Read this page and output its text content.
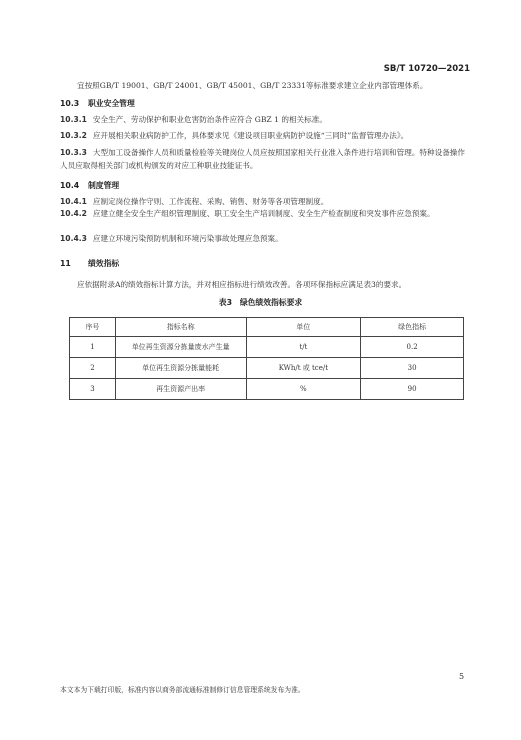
SB/T 10720—2021
宜按照GB/T 19001、GB/T 24001、GB/T 45001、GB/T 23331等标准要求建立企业内部管理体系。
10.3 职业安全管理
10.3.1 安全生产、劳动保护和职业危害防治条件应符合 GBZ 1 的相关标准。
10.3.2 应开展相关职业病防护工作，具体要求见《建设项目职业病防护设施“三同时”监督管理办法》。
10.3.3 大型加工设备操作人员和质量检验等关键岗位人员应按照国家相关行业准入条件进行培训和管理。特种设备操作人员应取得相关部门或机构颁发的对应工种职业技能证书。
10.4 制度管理
10.4.1 应制定岗位操作守则、工作流程、采购、销售、财务等各项管理制度。
10.4.2 应建立健全安全生产组织管理制度、职工安全生产培训制度、安全生产检查制度和突发事件应急预案。
10.4.3 应建立环境污染预防机制和环境污染事故处理应急预案。
11 绩效指标
应依据附录A的绩效指标计算方法，并对相应指标进行绩效改善。各项环保指标应满足表3的要求。
表3　绿色绩效指标要求
序号	指标名称	单位	绿色指标
1	单位再生资源分拣量废水产生量	t/t	0.2
2	单位再生资源分拣量能耗	KWh/t 或 tce/t	30
3	再生资源产出率	%	90
5
本文本为下载打印版，标准内容以商务部流通标准制修订信息管理系统发布为准。
